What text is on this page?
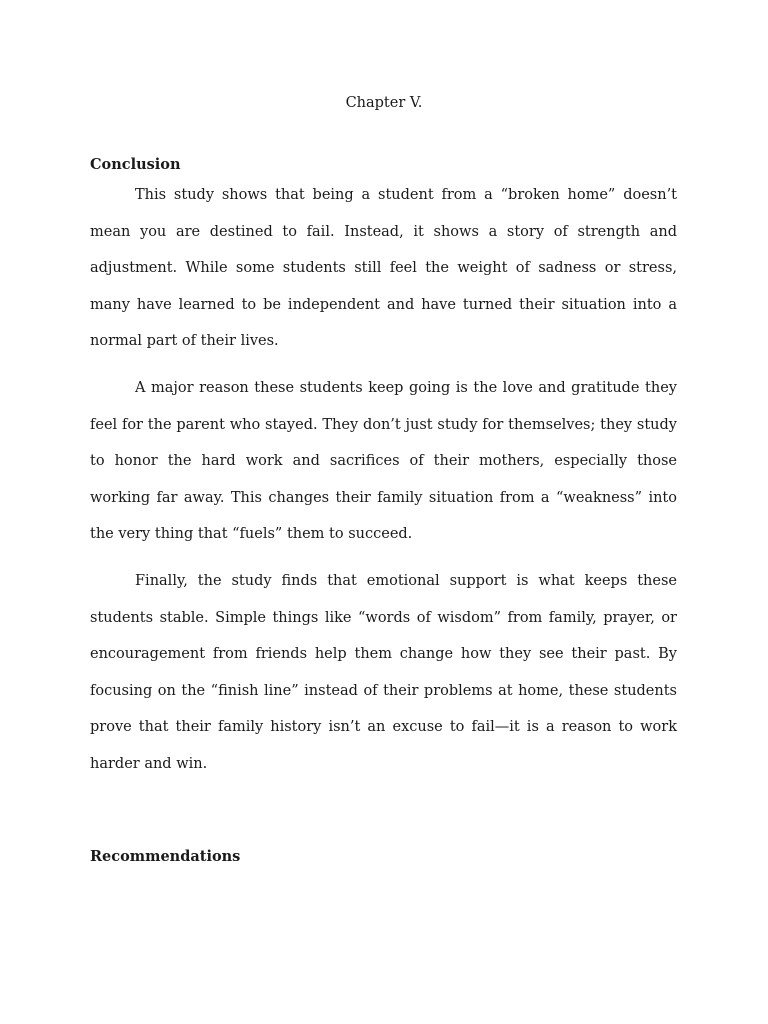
Chapter V.
Conclusion

This study shows that being a student from a “broken home” doesn’t mean you are destined to fail. Instead, it shows a story of strength and adjustment. While some students still feel the weight of sadness or stress, many have learned to be independent and have turned their situation into a normal part of their lives.

A major reason these students keep going is the love and gratitude they feel for the parent who stayed. They don’t just study for themselves; they study to honor the hard work and sacrifices of their mothers, especially those working far away. This changes their family situation from a “weakness” into the very thing that “fuels” them to succeed.

Finally, the study finds that emotional support is what keeps these students stable. Simple things like “words of wisdom” from family, prayer, or encouragement from friends help them change how they see their past. By focusing on the “finish line” instead of their problems at home, these students prove that their family history isn’t an excuse to fail—it is a reason to work harder and win.

Recommendations
